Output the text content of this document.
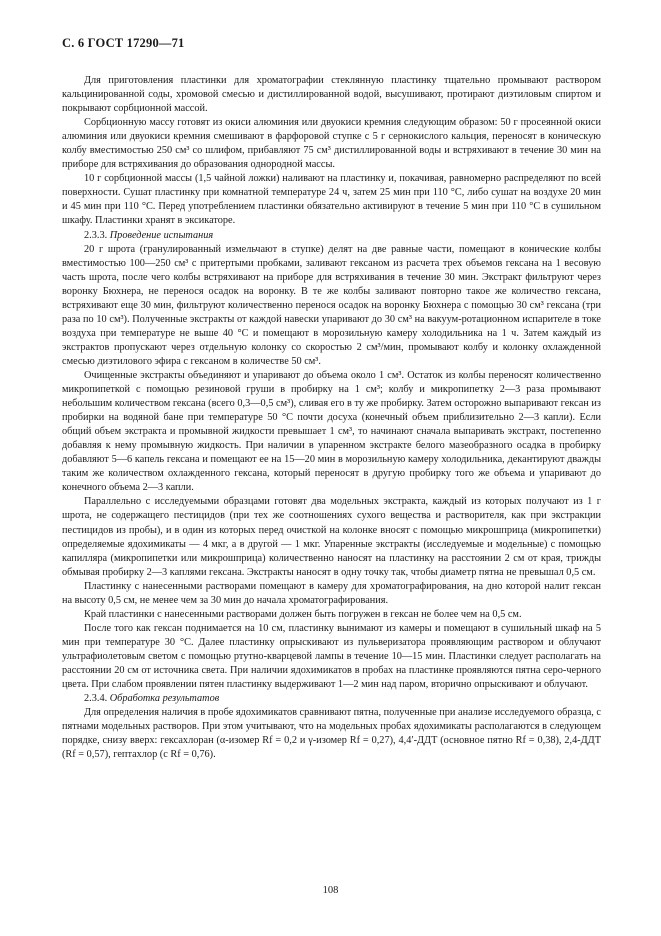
С. 6 ГОСТ 17290—71

Для приготовления пластинки для хроматографии стеклянную пластинку тщательно промывают раствором кальцинированной соды, хромовой смесью и дистиллированной водой, высушивают, протирают диэтиловым спиртом и покрывают сорбционной массой.

Сорбционную массу готовят из окиси алюминия или двуокиси кремния следующим образом: 50 г просеянной окиси алюминия или двуокиси кремния смешивают в фарфоровой ступке с 5 г сернокислого кальция, переносят в коническую колбу вместимостью 250 см³ со шлифом, прибавляют 75 см³ дистиллированной воды и встряхивают в течение 30 мин на приборе для встряхивания до образования однородной массы.

10 г сорбционной массы (1,5 чайной ложки) наливают на пластинку и, покачивая, равномерно распределяют по всей поверхности. Сушат пластинку при комнатной температуре 24 ч, затем 25 мин при 110 °С, либо сушат на воздухе 20 мин и 45 мин при 110 °С. Перед употреблением пластинки обязательно активируют в течение 5 мин при 110 °С в сушильном шкафу. Пластинки хранят в эксикаторе.

2.3.3. Проведение испытания

20 г шрота (гранулированный измельчают в ступке) делят на две равные части, помещают в конические колбы вместимостью 100—250 см³ с притертыми пробками, заливают гексаном из расчета трех объемов гексана на 1 весовую часть шрота, после чего колбы встряхивают на приборе для встряхивания в течение 30 мин. Экстракт фильтруют через воронку Бюхнера, не перенося осадок на воронку. В те же колбы заливают повторно такое же количество гексана, встряхивают еще 30 мин, фильтруют количественно перенося осадок на воронку Бюхнера с помощью 30 см³ гексана (три раза по 10 см³). Полученные экстракты от каждой навески упаривают до 30 см³ на вакуум-ротационном испарителе в токе воздуха при температуре не выше 40 °С и помещают в морозильную камеру холодильника на 1 ч. Затем каждый из экстрактов пропускают через отдельную колонку со скоростью 2 см³/мин, промывают колбу и колонку охлажденной смесью диэтилового эфира с гексаном в количестве 50 см³.

Очищенные экстракты объединяют и упаривают до объема около 1 см³. Остаток из колбы переносят количественно микропипеткой с помощью резиновой груши в пробирку на 1 см³; колбу и микропипетку 2—3 раза промывают небольшим количеством гексана (всего 0,3—0,5 см³), сливая его в ту же пробирку. Затем осторожно выпаривают гексан из пробирки на водяной бане при температуре 50 °С почти досуха (конечный объем приблизительно 2—3 капли). Если общий объем экстракта и промывной жидкости превышает 1 см³, то начинают сначала выпаривать экстракт, постепенно добавляя к нему промывную жидкость. При наличии в упаренном экстракте белого мазеобразного осадка в пробирку добавляют 5—6 капель гексана и помещают ее на 15—20 мин в морозильную камеру холодильника, декантируют дважды таким же количеством охлажденного гексана, который переносят в другую пробирку того же объема и упаривают до конечного объема 2—3 капли.

Параллельно с исследуемыми образцами готовят два модельных экстракта, каждый из которых получают из 1 г шрота, не содержащего пестицидов (при тех же соотношениях сухого вещества и растворителя, как при экстракции пестицидов из пробы), и в один из которых перед очисткой на колонке вносят с помощью микрошприца (микропипетки) определяемые ядохимикаты — 4 мкг, а в другой — 1 мкг. Упаренные экстракты (исследуемые и модельные) с помощью капилляра (микропипетки или микрошприца) количественно наносят на пластинку на расстоянии 2 см от края, трижды обмывая пробирку 2—3 каплями гексана. Экстракты наносят в одну точку так, чтобы диаметр пятна не превышал 0,5 см.

Пластинку с нанесенными растворами помещают в камеру для хроматографирования, на дно которой налит гексан на высоту 0,5 см, не менее чем за 30 мин до начала хроматографирования.

Край пластинки с нанесенными растворами должен быть погружен в гексан не более чем на 0,5 см.

После того как гексан поднимается на 10 см, пластинку вынимают из камеры и помещают в сушильный шкаф на 5 мин при температуре 30 °С. Далее пластинку опрыскивают из пульверизатора проявляющим раствором и облучают ультрафиолетовым светом с помощью ртутно-кварцевой лампы в течение 10—15 мин. Пластинки следует располагать на расстоянии 20 см от источника света. При наличии ядохимикатов в пробах на пластинке проявляются пятна серо-черного цвета. При слабом проявлении пятен пластинку выдерживают 1—2 мин над паром, вторично опрыскивают и облучают.

2.3.4. Обработка результатов

Для определения наличия в пробе ядохимикатов сравнивают пятна, полученные при анализе исследуемого образца, с пятнами модельных растворов. При этом учитывают, что на модельных пробах ядохимикаты располагаются в следующем порядке, снизу вверх: гексахлоран (α-изомер Rf = 0,2 и γ-изомер Rf = 0,27), 4,4′-ДДТ (основное пятно Rf = 0,38), 2,4-ДДТ (Rf = 0,57), гептахлор (с Rf = 0,76).

108
